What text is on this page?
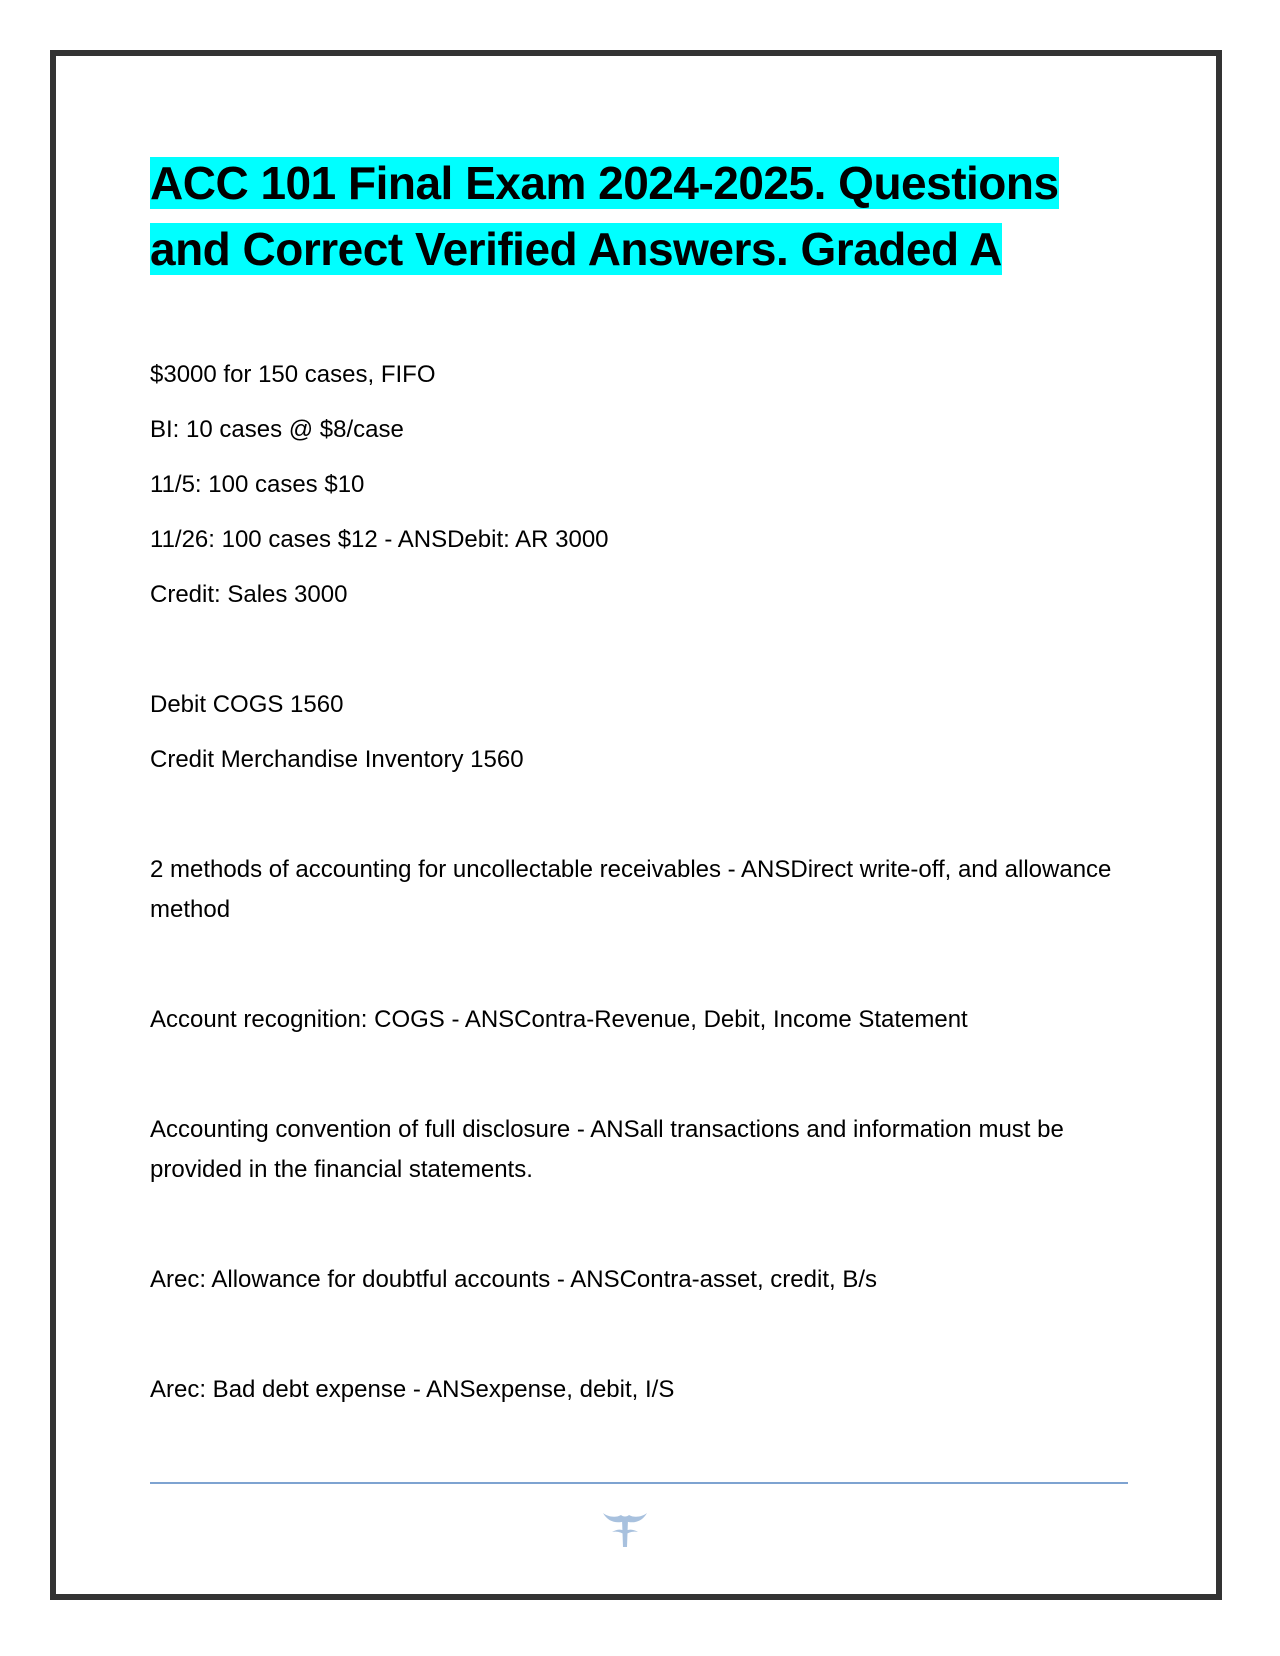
ACC 101 Final Exam 2024-2025. Questions and Correct Verified Answers. Graded A

$3000 for 150 cases, FIFO

BI: 10 cases @ $8/case

11/5: 100 cases $10

11/26: 100 cases $12 - ANSDebit: AR 3000

Credit: Sales 3000

Debit COGS 1560

Credit Merchandise Inventory 1560

2 methods of accounting for uncollectable receivables - ANSDirect write-off, and allowance method

Account recognition: COGS - ANSContra-Revenue, Debit, Income Statement

Accounting convention of full disclosure - ANSall transactions and information must be provided in the financial statements.

Arec: Allowance for doubtful accounts - ANSContra-asset, credit, B/s

Arec: Bad debt expense - ANSexpense, debit, I/S
